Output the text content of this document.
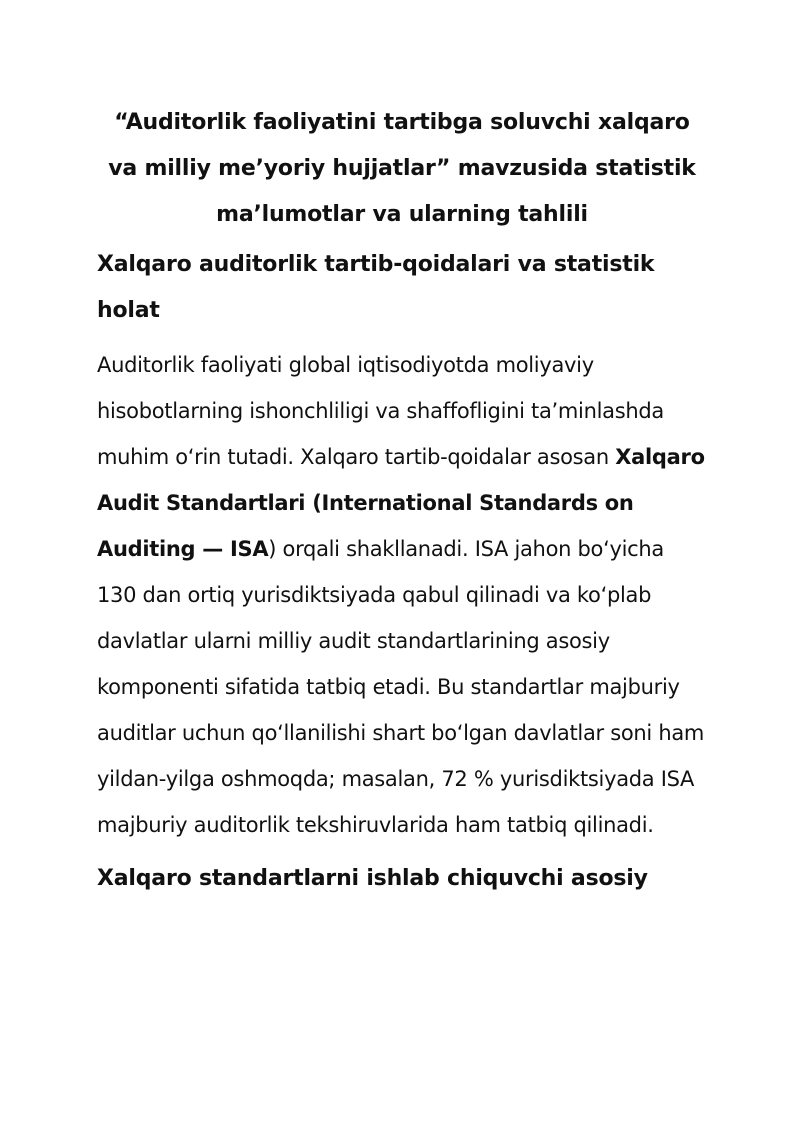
“Auditorlik faoliyatini tartibga soluvchi xalqaro va milliy me’yoriy hujjatlar” mavzusida statistik ma’lumotlar va ularning tahlili
Xalqaro auditorlik tartib-qoidalari va statistik holat

Auditorlik faoliyati global iqtisodiyotda moliyaviy hisobotlarning ishonchliligi va shaffofligini ta’minlashda muhim o‘rin tutadi. Xalqaro tartib-qoidalar asosan Xalqaro Audit Standartlari (International Standards on Auditing — ISA) orqali shakllanadi. ISA jahon bo‘yicha 130 dan ortiq yurisdiktsiyada qabul qilinadi va ko‘plab davlatlar ularni milliy audit standartlarining asosiy komponenti sifatida tatbiq etadi. Bu standartlar majburiy auditlar uchun qo‘llanilishi shart bo‘lgan davlatlar soni ham yildan-yilga oshmoqda; masalan, 72 % yurisdiktsiyada ISA majburiy auditorlik tekshiruvlarida ham tatbiq qilinadi.

Xalqaro standartlarni ishlab chiquvchi asosiy
